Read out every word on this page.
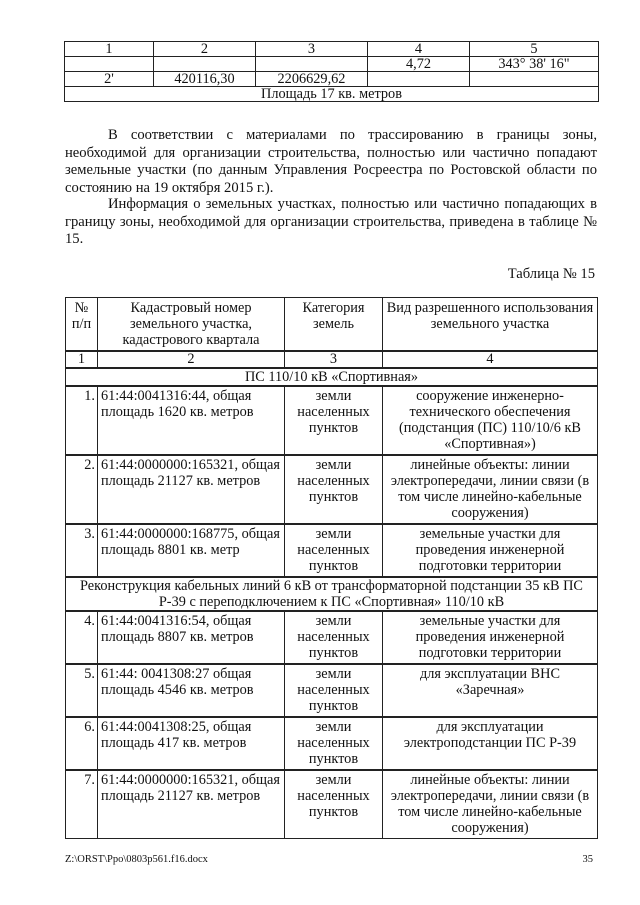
1	2	3	4	5
			4,72	343° 38' 16"
2'	420116,30	2206629,62		
Площадь 17 кв. метров				

В соответствии с материалами по трассированию в границы зоны, необходимой для организации строительства, полностью или частично попадают земельные участки (по данным Управления Росреестра по Ростовской области по состоянию на 19 октября 2015 г.).

Информация о земельных участках, полностью или частично попадающих в границу зоны, необходимой для организации строительства, приведена в таблице № 15.

Таблица № 15
№ п/п	Кадастровый номер земельного участка, кадастрового квартала	Категория земель	Вид разрешенного использования земельного участка
1	2	3	4
ПС 110/10 кВ «Спортивная»			
1.	61:44:0041316:44, общая площадь 1620 кв. метров	земли населенных пунктов	сооружение инженерно-технического обеспечения (подстанция (ПС) 110/10/6 кВ «Спортивная»)
2.	61:44:0000000:165321, общая площадь 21127 кв. метров	земли населенных пунктов	линейные объекты: линии электропередачи, линии связи (в том числе линейно-кабельные сооружения)
3.	61:44:0000000:168775, общая площадь 8801 кв. метр	земли населенных пунктов	земельные участки для проведения инженерной подготовки территории
Реконструкция кабельных линий 6 кВ от трансформаторной подстанции 35 кВ ПС Р-39 с переподключением к ПС «Спортивная» 110/10 кВ			
4.	61:44:0041316:54, общая площадь 8807 кв. метров	земли населенных пунктов	земельные участки для проведения инженерной подготовки территории
5.	61:44: 0041308:27 общая площадь 4546 кв. метров	земли населенных пунктов	для эксплуатации ВНС «Заречная»
6.	61:44:0041308:25, общая площадь 417 кв. метров	земли населенных пунктов	для эксплуатации электроподстанции ПС Р-39
7.	61:44:0000000:165321, общая площадь 21127 кв. метров	земли населенных пунктов	линейные объекты: линии электропередачи, линии связи (в том числе линейно-кабельные сооружения)
Z:\ORST\Ppo\0803p561.f16.docx	35
